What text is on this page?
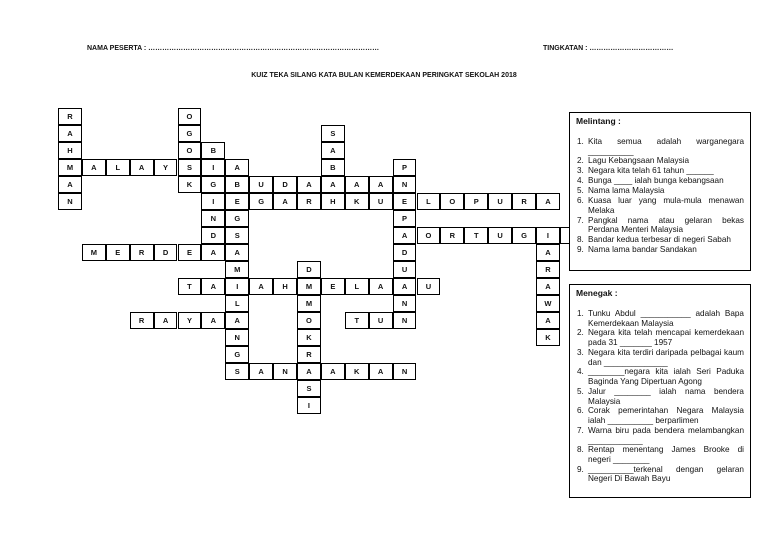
NAMA PESERTA : ………………………………………………………………………………………	TINGKATAN : ………………………………
KUIZ TEKA SILANG KATA BULAN KEMERDEKAAN PERINGKAT SEKOLAH 2018
R
A
H
M
A
N
A	L	A	Y	S	I	A
O
G
O	B
G
I
N
D
A
S
A
B
A
H
E	G	A	R	K	U
K	B	U	D	A	A	A	N
E	L	O	P	U	R	A
P
P
A
D
U
A
N
O	R	T	U	G	I
M	E	R	D	E	A
S
M
I
L
A
N
G
G
T	A	A	H	M	E	L	A	U
A
R
A
W
A
K
D
M
O
K
R
A
S
I
R	A	Y	A	T	U	N
S	A	N	A	K	A	N
Melintang :
1. Kita semua adalah warganegara __________
2. Lagu Kebangsaan Malaysia
3. Negara kita telah 61 tahun ______
4. Bunga ____ ialah bunga kebangsaan
5. Nama lama Malaysia
6. Kuasa luar yang mula-mula menawan Melaka
7. Pangkal nama atau gelaran bekas Perdana Menteri Malaysia
8. Bandar kedua terbesar di negeri Sabah
9. Nama lama bandar Sandakan
Menegak :
1. Tunku Abdul ___________ adalah Bapa Kemerdekaan Malaysia
2. Negara kita telah mencapai kemerdekaan pada 31 _______ 1957
3. Negara kita terdiri daripada pelbagai kaum dan ______________
4. ________negara kita ialah Seri Paduka Baginda Yang Dipertuan Agong
5. Jalur ________ ialah nama bendera Malaysia
6. Corak pemerintahan Negara Malaysia ialah __________ berparlimen
7. Warna biru pada bendera melambangkan ____________
8. Rentap menentang James Brooke di negeri ________
9. __________terkenal dengan gelaran Negeri Di Bawah Bayu
